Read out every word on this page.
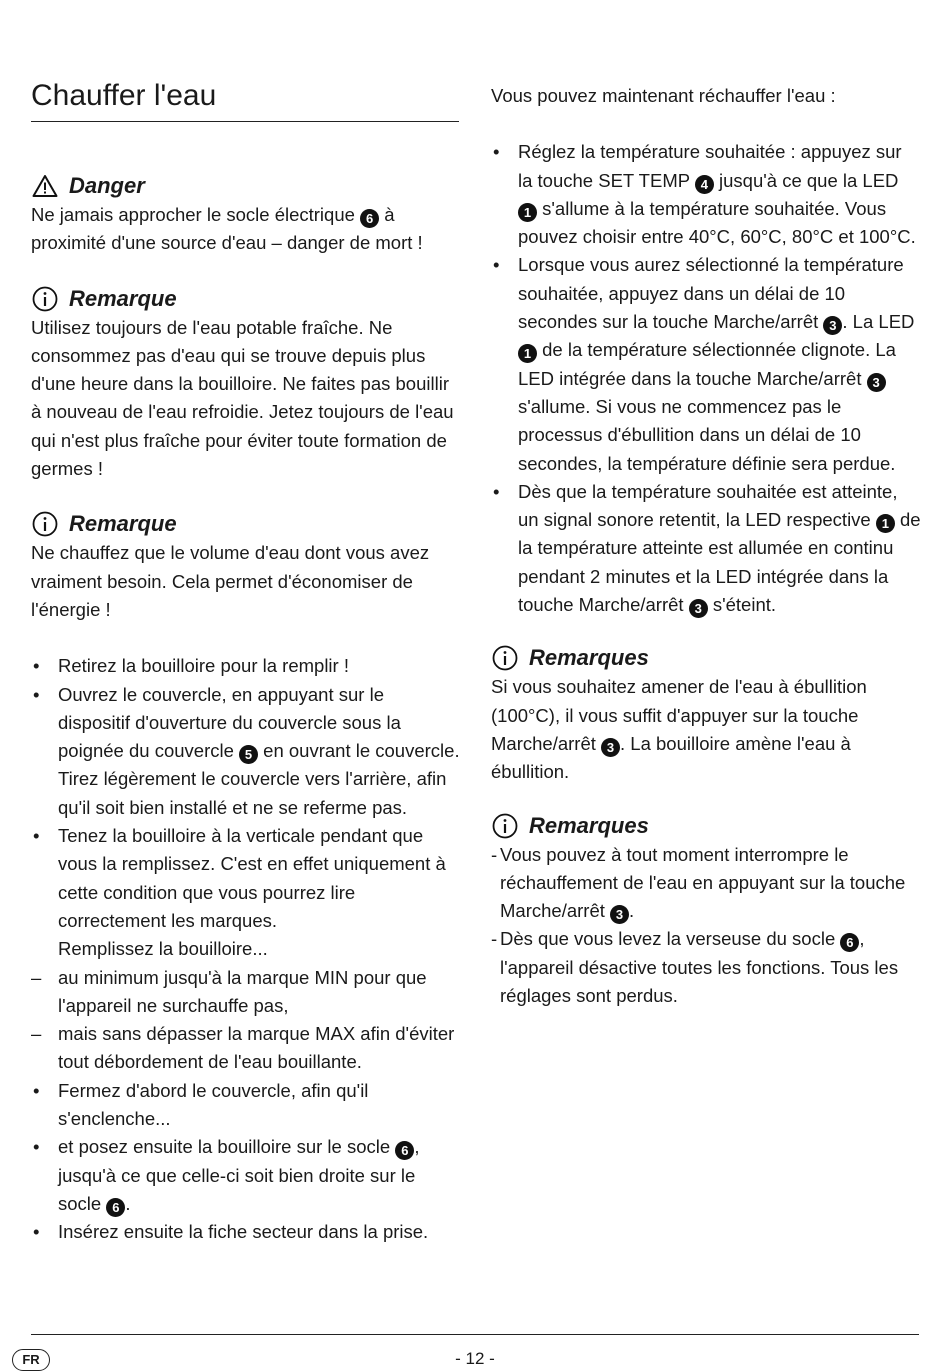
Chauffer l'eau
Danger

Ne jamais approcher le socle électrique 6 à proximité d'une source d'eau – danger de mort !

Remarque

Utilisez toujours de l'eau potable fraîche. Ne consommez pas d'eau qui se trouve depuis plus d'une heure dans la bouilloire. Ne faites pas bouillir à nouveau de l'eau refroidie. Jetez toujours de l'eau qui n'est plus fraîche pour éviter toute formation de germes !

Remarque

Ne chauffez que le volume d'eau dont vous avez vraiment besoin. Cela permet d'économiser de l'énergie !

• Retirez la bouilloire pour la remplir !
• Ouvrez le couvercle, en appuyant sur le dispositif d'ouverture du couvercle sous la poignée du couvercle 5 en ouvrant le couvercle. Tirez légèrement le couvercle vers l'arrière, afin qu'il soit bien installé et ne se referme pas.
• Tenez la bouilloire à la verticale pendant que vous la remplissez. C'est en effet uniquement à cette condition que vous pourrez lire correctement les marques.
Remplissez la bouilloire...
– au minimum jusqu'à la marque MIN pour que l'appareil ne surchauffe pas,
– mais sans dépasser la marque MAX afin d'éviter tout débordement de l'eau bouillante.
• Fermez d'abord le couvercle, afin qu'il s'enclenche...
• et posez ensuite la bouilloire sur le socle 6 , jusqu'à ce que celle-ci soit bien droite sur le socle 6 .
• Insérez ensuite la fiche secteur dans la prise.

Vous pouvez maintenant réchauffer l'eau :

• Réglez la température souhaitée : appuyez sur la touche SET TEMP 4 jusqu'à ce que la LED 1 s'allume à la température souhaitée. Vous pouvez choisir entre 40°C, 60°C, 80°C et 100°C.
• Lorsque vous aurez sélectionné la température souhaitée, appuyez dans un délai de 10 secondes sur la touche Marche/arrêt 3 . La LED 1 de la température sélectionnée clignote. La LED intégrée dans la touche Marche/arrêt 3 s'allume. Si vous ne commencez pas le processus d'ébullition dans un délai de 10 secondes, la température définie sera perdue.
• Dès que la température souhaitée est atteinte, un signal sonore retentit, la LED respective 1 de la température atteinte est allumée en continu pendant 2 minutes et la LED intégrée dans la touche Marche/arrêt 3 s'éteint.
Remarques

Si vous souhaitez amener de l'eau à ébullition (100°C), il vous suffit d'appuyer sur la touche Marche/arrêt 3 . La bouilloire amène l'eau à ébullition.

Remarques
- Vous pouvez à tout moment interrompre le réchauffement de l'eau en appuyant sur la touche Marche/arrêt 3 .
- Dès que vous levez la verseuse du socle 6 , l'appareil désactive toutes les fonctions. Tous les réglages sont perdus.
FR	- 12 -
